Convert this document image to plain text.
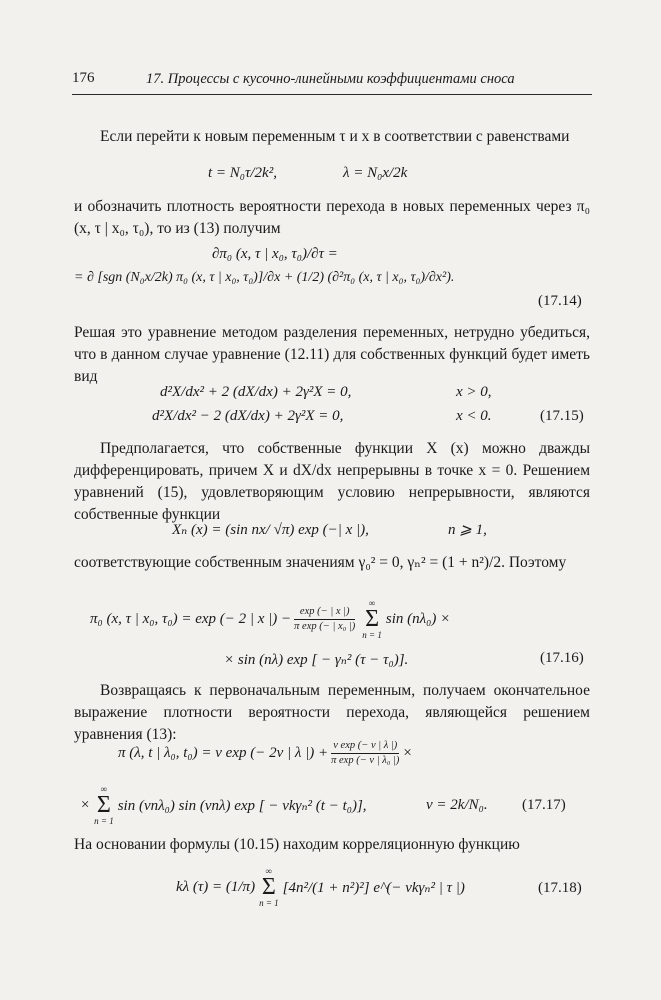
176	17. Процессы с кусочно-линейными коэффициентами сноса
Если перейти к новым переменным τ и x в соответствии с равенствами
t = N₀τ/2k²,	λ = N₀x/2k
и обозначить плотность вероятности перехода в новых переменных через π₀ (x, τ | x₀, τ₀), то из (13) получим
∂π₀ (x, τ | x₀, τ₀)/∂τ =
= ∂ [sgn (N₀x/2k) π₀ (x, τ | x₀, τ₀)]/∂x + (1/2) (∂²π₀ (x, τ | x₀, τ₀)/∂x²).
(17.14)
Решая это уравнение методом разделения переменных, нетрудно убедиться, что в данном случае уравнение (12.11) для собственных функций будет иметь вид
d²X/dx² + 2 (dX/dx) + 2γ²X = 0,	x > 0,
d²X/dx² − 2 (dX/dx) + 2γ²X = 0,	x < 0.	(17.15)
Предполагается, что собственные функции X (x) можно дважды дифференцировать, причем X и dX/dx непрерывны в точке x = 0. Решением уравнений (15), удовлетворяющим условию непрерывности, являются собственные функции
Xₙ (x) = (sin nx/ √π) exp (−| x |),	n ⩾ 1,
соответствующие собственным значениям γ₀² = 0, γₙ² = (1 + n²)/2. Поэтому
π₀ (x, τ | x₀, τ₀) = exp (− 2 | x |) − $\frac{\exp (- | x |)}{\text{π exp (− | x₀ |)}}$
∞
Σ
n = 1
sin (nλ₀) ×
× sin (nλ) exp [ − γₙ² (τ − τ₀)].	(17.16)
Возвращаясь к первоначальным переменным, получаем окончательное выражение плотности вероятности перехода, являющейся решением уравнения (13):
π (λ, t | λ₀, t₀) = ν exp (− 2ν | λ |) + $\frac{\text{ν exp (− ν | λ |)}}{\text{π exp (− ν | λ₀ |)}}$ ×
×
∞
Σ
n = 1
sin (νnλ₀) sin (νnλ) exp [ − νkγₙ² (t − t₀)],	ν = 2k/N₀. (17.17)
На основании формулы (10.15) находим корреляционную функцию
kλ (τ) = (1/π)
∞
Σ
n = 1
[4n²/(1 + n²)²] e^(− νkγₙ² | τ |)	(17.18)
